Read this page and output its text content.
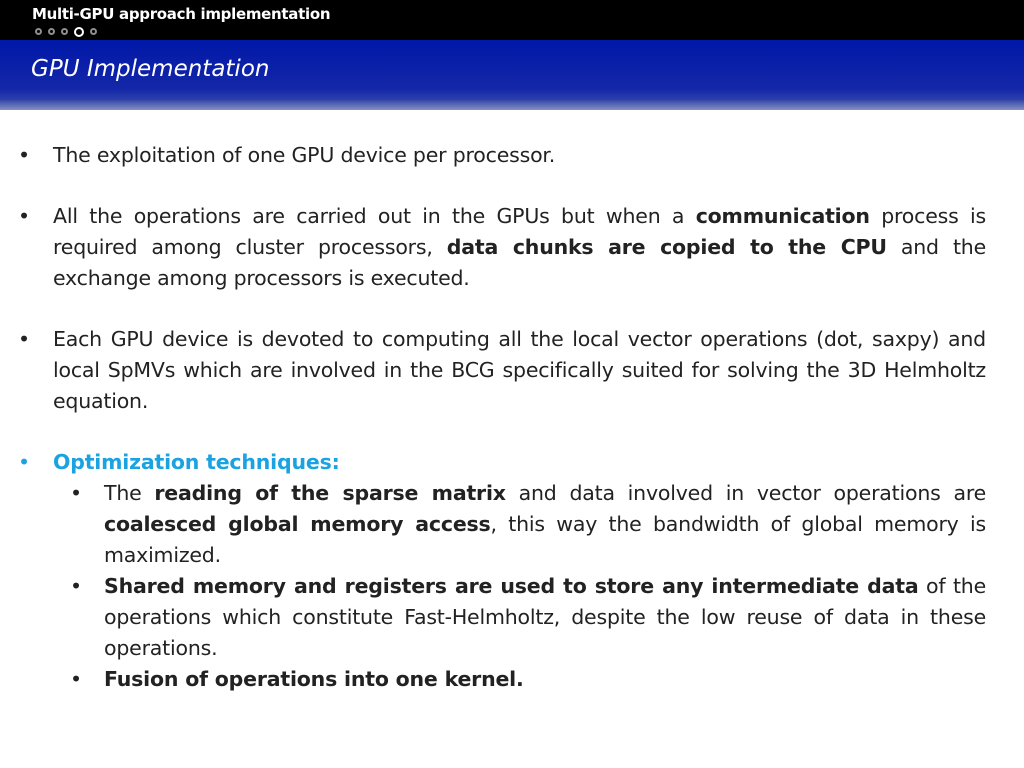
Multi-GPU approach implementation
GPU Implementation
•	The exploitation of one GPU device per processor.
•	All the operations are carried out in the GPUs but when a communication process is required among cluster processors, data chunks are copied to the CPU and the exchange among processors is executed.
•	Each GPU device is devoted to computing all the local vector operations (dot, saxpy) and local SpMVs which are involved in the BCG specifically suited for solving the 3D Helmholtz equation.
•	Optimization techniques:
• The reading of the sparse matrix and data involved in vector operations are coalesced global memory access, this way the bandwidth of global memory is maximized.
• Shared memory and registers are used to store any intermediate data of the operations which constitute Fast-Helmholtz, despite the low reuse of data in these operations.
• Fusion of operations into one kernel.
